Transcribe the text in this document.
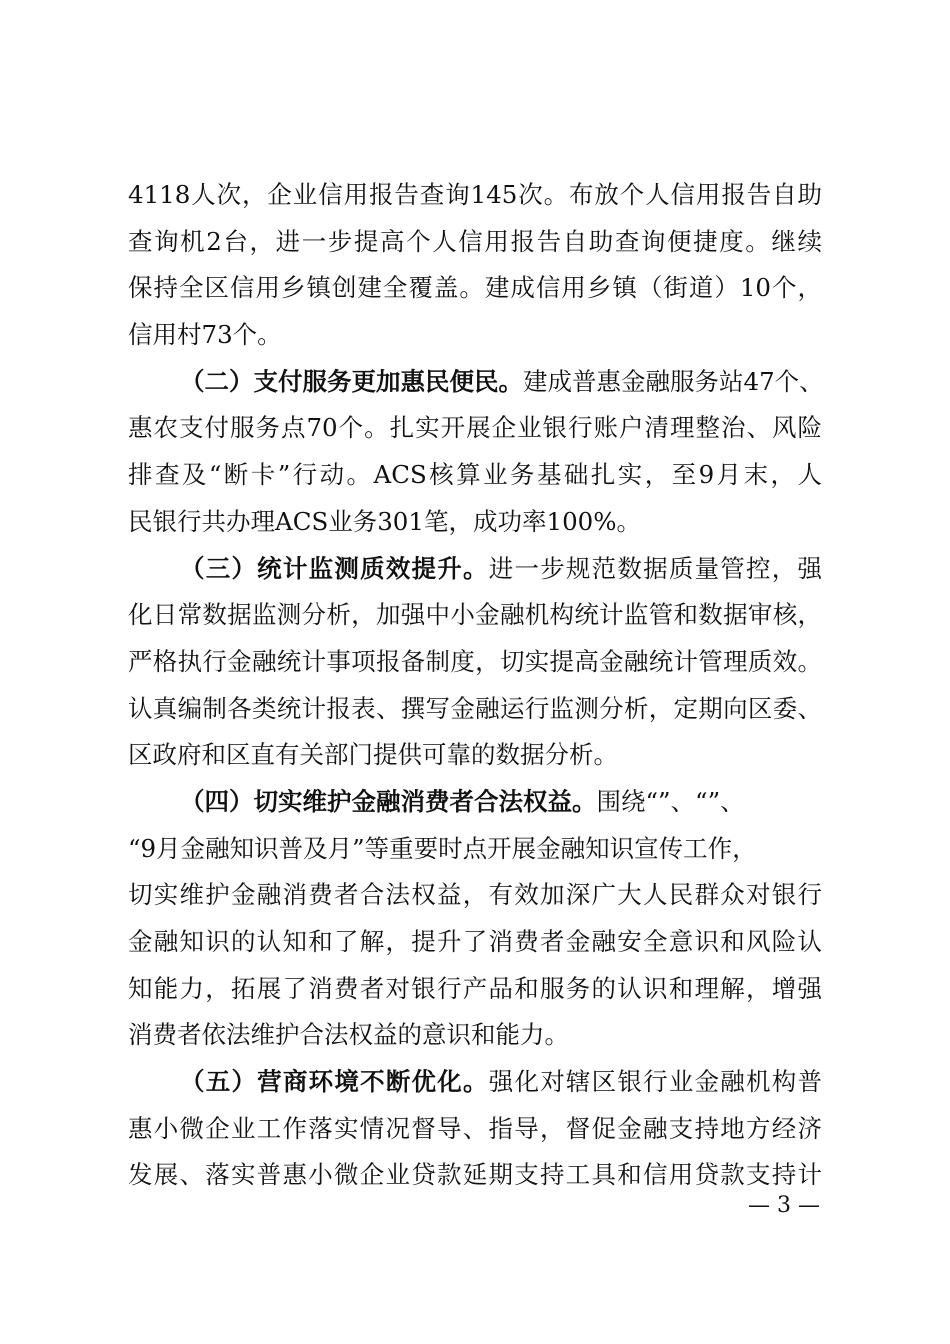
4118人次，企业信用报告查询145次。布放个人信用报告自助
查询机2台，进一步提高个人信用报告自助查询便捷度。继续
保持全区信用乡镇创建全覆盖。建成信用乡镇（街道）10个，
信用村73个。
（二）支付服务更加惠民便民。建成普惠金融服务站47个、
惠农支付服务点70个。扎实开展企业银行账户清理整治、风险
排查及“断卡”行动。ACS核算业务基础扎实，至9月末，人
民银行共办理ACS业务301笔，成功率100%。
（三）统计监测质效提升。进一步规范数据质量管控，强
化日常数据监测分析，加强中小金融机构统计监管和数据审核，
严格执行金融统计事项报备制度，切实提高金融统计管理质效。
认真编制各类统计报表、撰写金融运行监测分析，定期向区委、
区政府和区直有关部门提供可靠的数据分析。
（四）切实维护金融消费者合法权益。围绕“”、“”、
“9月金融知识普及月”等重要时点开展金融知识宣传工作，
切实维护金融消费者合法权益，有效加深广大人民群众对银行
金融知识的认知和了解，提升了消费者金融安全意识和风险认
知能力，拓展了消费者对银行产品和服务的认识和理解，增强
消费者依法维护合法权益的意识和能力。
（五）营商环境不断优化。强化对辖区银行业金融机构普
惠小微企业工作落实情况督导、指导，督促金融支持地方经济
发展、落实普惠小微企业贷款延期支持工具和信用贷款支持计
— 3 —
